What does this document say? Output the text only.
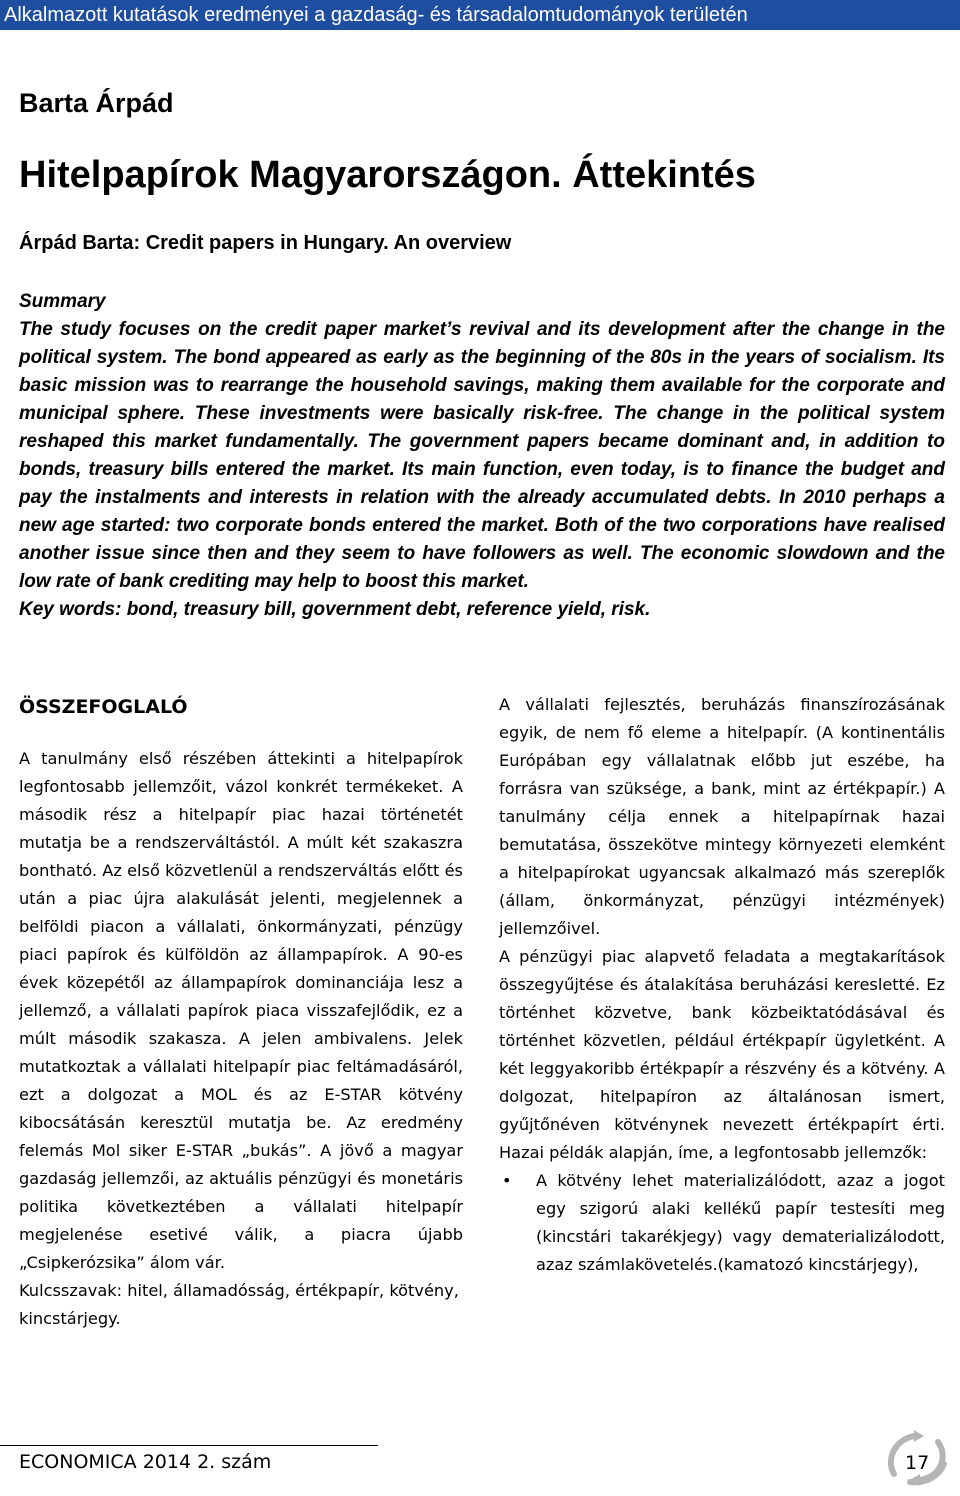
Alkalmazott kutatások eredményei a gazdaság- és társadalomtudományok területén
Barta Árpád
Hitelpapírok Magyarországon. Áttekintés
Árpád Barta: Credit papers in Hungary. An overview

Summary

The study focuses on the credit paper market’s revival and its development after the change in the political system. The bond appeared as early as the beginning of the 80s in the years of socialism. Its basic mission was to rearrange the household savings, making them available for the corporate and municipal sphere. These investments were basically risk-free. The change in the political system reshaped this market fundamentally. The government papers became dominant and, in addition to bonds, treasury bills entered the market. Its main function, even today, is to finance the budget and pay the instalments and interests in relation with the already accumulated debts. In 2010 perhaps a new age started: two corporate bonds entered the market. Both of the two corporations have realised another issue since then and they seem to have followers as well. The economic slowdown and the low rate of bank crediting may help to boost this market.

Key words: bond, treasury bill, government debt, reference yield, risk.

ÖSSZEFOGLALÓ

A tanulmány első részében áttekinti a hitelpapírok legfontosabb jellemzőit, vázol konkrét termékeket. A második rész a hitelpapír piac hazai történetét mutatja be a rendszerváltástól. A múlt két szakaszra bontható. Az első közvetlenül a rendszerváltás előtt és után a piac újra alakulását jelenti, megjelennek a belföldi piacon a vállalati, önkormányzati, pénzügy piaci papírok és külföldön az állampapírok. A 90-es évek közepétől az állampapírok dominanciája lesz a jellemző, a vállalati papírok piaca visszafejlődik, ez a múlt második szakasza. A jelen ambivalens. Jelek mutatkoztak a vállalati hitelpapír piac feltámadásáról, ezt a dolgozat a MOL és az E-STAR kötvény kibocsátásán keresztül mutatja be. Az eredmény felemás Mol siker E-STAR „bukás”. A jövő a magyar gazdaság jellemzői, az aktuális pénzügyi és monetáris politika következtében a vállalati hitelpapír megjelenése esetivé válik, a piacra újabb „Csipkerózsika” álom vár.

Kulcsszavak: hitel, államadósság, értékpapír, kötvény, kincstárjegy.

A vállalati fejlesztés, beruházás finanszírozásának egyik, de nem fő eleme a hitelpapír. (A kontinentális Európában egy vállalatnak előbb jut eszébe, ha forrásra van szüksége, a bank, mint az értékpapír.) A tanulmány célja ennek a hitelpapírnak hazai bemutatása, összekötve mintegy környezeti elemként a hitelpapírokat ugyancsak alkalmazó más szereplők (állam, önkormányzat, pénzügyi intézmények) jellemzőivel.

A pénzügyi piac alapvető feladata a megtakarítások összegyűjtése és átalakítása beruházási keresletté. Ez történhet közvetve, bank közbeiktatódásával és történhet közvetlen, például értékpapír ügyletként. A két leggyakoribb értékpapír a részvény és a kötvény. A dolgozat, hitelpapíron az általánosan ismert, gyűjtőnéven kötvénynek nevezett értékpapírt érti. Hazai példák alapján, íme, a legfontosabb jellemzők:

• A kötvény lehet materializálódott, azaz a jogot egy szigorú alaki kellékű papír testesíti meg (kincstári takarékjegy) vagy dematerializálodott, azaz számlakövetelés.(kamatozó kincstárjegy),

ECONOMICA 2014 2. szám	17
